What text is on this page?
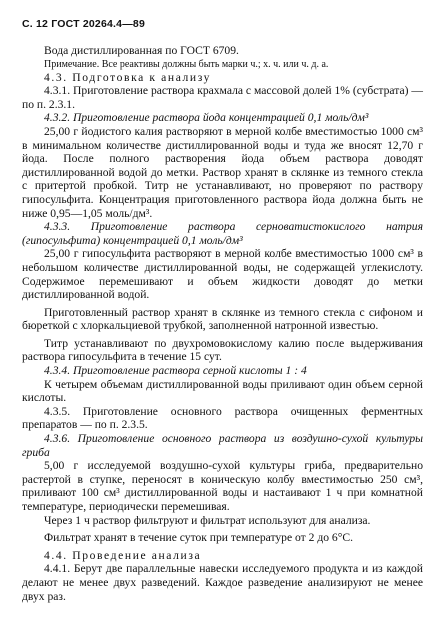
С. 12 ГОСТ 20264.4—89

Вода дистиллированная по ГОСТ 6709.

Примечание. Все реактивы должны быть марки ч.; х. ч. или ч. д. а.

4.3. Подготовка к анализу

4.3.1. Приготовление раствора крахмала с массовой долей 1% (субстрата) — по п. 2.3.1.

4.3.2. Приготовление раствора йода концентрацией 0,1 моль/дм³

25,00 г йодистого калия растворяют в мерной колбе вместимостью 1000 см³ в минимальном количестве дистиллированной воды и туда же вносят 12,70 г йода. После полного растворения йода объем раствора доводят дистиллированной водой до метки. Раствор хранят в склянке из темного стекла с притертой пробкой. Титр не устанавливают, но проверяют по раствору гипосульфита. Концентрация приготовленного раствора йода должна быть не ниже 0,95—1,05 моль/дм³.

4.3.3. Приготовление раствора серноватистокислого натрия (гипосульфита) концентрацией 0,1 моль/дм³

25,00 г гипосульфита растворяют в мерной колбе вместимостью 1000 см³ в небольшом количестве дистиллированной воды, не содержащей углекислоту. Содержимое перемешивают и объем жидкости доводят до метки дистиллированной водой.

Приготовленный раствор хранят в склянке из темного стекла с сифоном и бюреткой с хлоркальциевой трубкой, заполненной натронной известью.

Титр устанавливают по двухромовокислому калию после выдерживания раствора гипосульфита в течение 15 сут.

4.3.4. Приготовление раствора серной кислоты 1 : 4

К четырем объемам дистиллированной воды приливают один объем серной кислоты.

4.3.5. Приготовление основного раствора очищенных ферментных препаратов — по п. 2.3.5.

4.3.6. Приготовление основного раствора из воздушно-сухой культуры гриба

5,00 г исследуемой воздушно-сухой культуры гриба, предварительно растертой в ступке, переносят в коническую колбу вместимостью 250 см³, приливают 100 см³ дистиллированной воды и настаивают 1 ч при комнатной температуре, периодически перемешивая.

Через 1 ч раствор фильтруют и фильтрат используют для анализа.

Фильтрат хранят в течение суток при температуре от 2 до 6°С.

4.4. Проведение анализа

4.4.1. Берут две параллельные навески исследуемого продукта и из каждой делают не менее двух разведений. Каждое разведение анализируют не менее двух раз.
